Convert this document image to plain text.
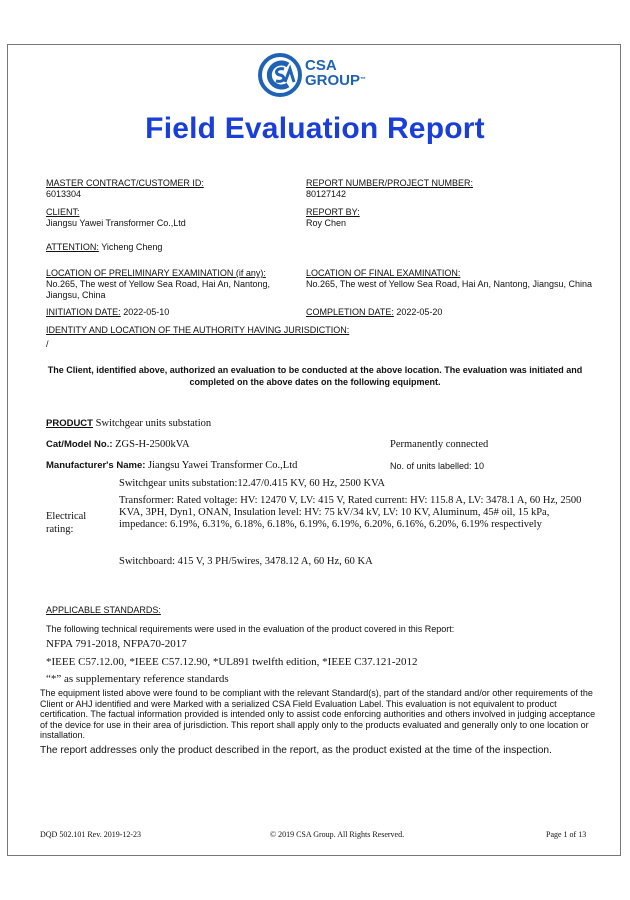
CSA
GROUP™
Field Evaluation Report
MASTER CONTRACT/CUSTOMER ID:
6013304
REPORT NUMBER/PROJECT NUMBER:
80127142
CLIENT:
Jiangsu Yawei Transformer Co.,Ltd
REPORT BY:
Roy Chen
ATTENTION: Yicheng Cheng
LOCATION OF PRELIMINARY EXAMINATION (if any):
No.265, The west of Yellow Sea Road, Hai An, Nantong, Jiangsu, China
LOCATION OF FINAL EXAMINATION:
No.265, The west of Yellow Sea Road, Hai An, Nantong, Jiangsu, China
INITIATION DATE: 2022-05-10	COMPLETION DATE: 2022-05-20
IDENTITY AND LOCATION OF THE AUTHORITY HAVING JURISDICTION:
/
The Client, identified above, authorized an evaluation to be conducted at the above location. The evaluation was initiated and completed on the above dates on the following equipment.
PRODUCT Switchgear units substation
Cat/Model No.: ZGS-H-2500kVA	Permanently connected
Manufacturer's Name: Jiangsu Yawei Transformer Co.,Ltd	No. of units labelled: 10
Electrical rating:
Switchgear units substation:12.47/0.415 KV, 60 Hz, 2500 KVA
Transformer: Rated voltage: HV: 12470 V, LV: 415 V, Rated current: HV: 115.8 A, LV: 3478.1 A, 60 Hz, 2500 KVA, 3PH, Dyn1, ONAN, Insulation level: HV: 75 kV/34 kV, LV: 10 KV, Aluminum, 45# oil, 15 kPa, impedance: 6.19%, 6.31%, 6.18%, 6.18%, 6.19%, 6.19%, 6.20%, 6.16%, 6.20%, 6.19% respectively
Switchboard: 415 V, 3 PH/5wires, 3478.12 A, 60 Hz, 60 KA
APPLICABLE STANDARDS:
The following technical requirements were used in the evaluation of the product covered in this Report:
NFPA 791-2018, NFPA70-2017
*IEEE C57.12.00, *IEEE C57.12.90, *UL891 twelfth edition, *IEEE C37.121-2012
“*” as supplementary reference standards
The equipment listed above were found to be compliant with the relevant Standard(s), part of the standard and/or other requirements of the Client or AHJ identified and were Marked with a serialized CSA Field Evaluation Label. This evaluation is not equivalent to product certification. The factual information provided is intended only to assist code enforcing authorities and others involved in judging acceptance of the device for use in their area of jurisdiction. This report shall apply only to the products evaluated and generally only to one location or installation.
The report addresses only the product described in the report, as the product existed at the time of the inspection.
DQD 502.101 Rev. 2019-12-23	© 2019 CSA Group. All Rights Reserved.	Page 1 of 13
